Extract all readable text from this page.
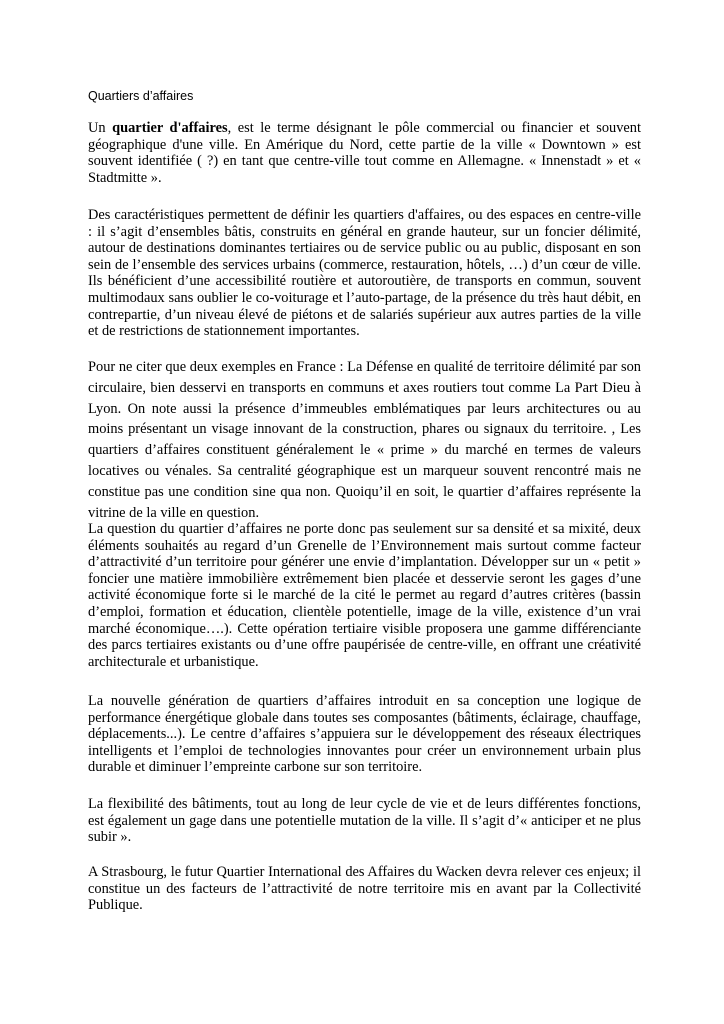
Quartiers d’affaires

Un quartier d'affaires, est le terme désignant le pôle commercial ou financier et souvent géographique d'une ville. En Amérique du Nord, cette partie de la ville « Downtown » est souvent identifiée ( ?) en tant que centre-ville tout comme en Allemagne. « Innenstadt » et « Stadtmitte ».

Des caractéristiques permettent de définir les quartiers d'affaires, ou des espaces en centre-ville : il s’agit d’ensembles bâtis, construits en général en grande hauteur, sur un foncier délimité, autour de destinations dominantes tertiaires ou de service public ou au public, disposant en son sein de l’ensemble des services urbains (commerce, restauration, hôtels, …) d’un cœur de ville. Ils bénéficient d’une accessibilité routière et autoroutière, de transports en commun, souvent multimodaux sans oublier le co-voiturage et l’auto-partage, de la présence du très haut débit, en contrepartie, d’un niveau élevé de piétons et de salariés supérieur aux autres parties de la ville et de restrictions de stationnement importantes.

Pour ne citer que deux exemples en France : La Défense en qualité de territoire délimité par son circulaire, bien desservi en transports en communs et axes routiers tout comme La Part Dieu à Lyon. On note aussi la présence d’immeubles emblématiques par leurs architectures ou au moins présentant un visage innovant de la construction, phares ou signaux du territoire. , Les quartiers d’affaires constituent généralement le « prime » du marché en termes de valeurs locatives ou vénales. Sa centralité géographique est un marqueur souvent rencontré mais ne constitue pas une condition sine qua non. Quoiqu’il en soit, le quartier d’affaires représente la vitrine de la ville en question.

La question du quartier d’affaires ne porte donc pas seulement sur sa densité et sa mixité, deux éléments souhaités au regard d’un Grenelle de l’Environnement mais surtout comme facteur d’attractivité d’un territoire pour générer une envie d’implantation. Développer sur un « petit » foncier une matière immobilière extrêmement bien placée et desservie seront les gages d’une activité économique forte si le marché de la cité le permet au regard d’autres critères (bassin d’emploi, formation et éducation, clientèle potentielle, image de la ville, existence d’un vrai marché économique….). Cette opération tertiaire visible proposera une gamme différenciante des parcs tertiaires existants ou d’une offre paupérisée de centre-ville, en offrant une créativité architecturale et urbanistique.

La nouvelle génération de quartiers d’affaires introduit en sa conception une logique de performance énergétique globale dans toutes ses composantes (bâtiments, éclairage, chauffage, déplacements...). Le centre d’affaires s’appuiera sur le développement des réseaux électriques intelligents et l’emploi de technologies innovantes pour créer un environnement urbain plus durable et diminuer l’empreinte carbone sur son territoire.

La flexibilité des bâtiments, tout au long de leur cycle de vie et de leurs différentes fonctions, est également un gage dans une potentielle mutation de la ville. Il s’agit d’« anticiper et ne plus subir ».

A Strasbourg, le futur Quartier International des Affaires du Wacken devra relever ces enjeux; il constitue un des facteurs de l’attractivité de notre territoire mis en avant par la Collectivité Publique.
